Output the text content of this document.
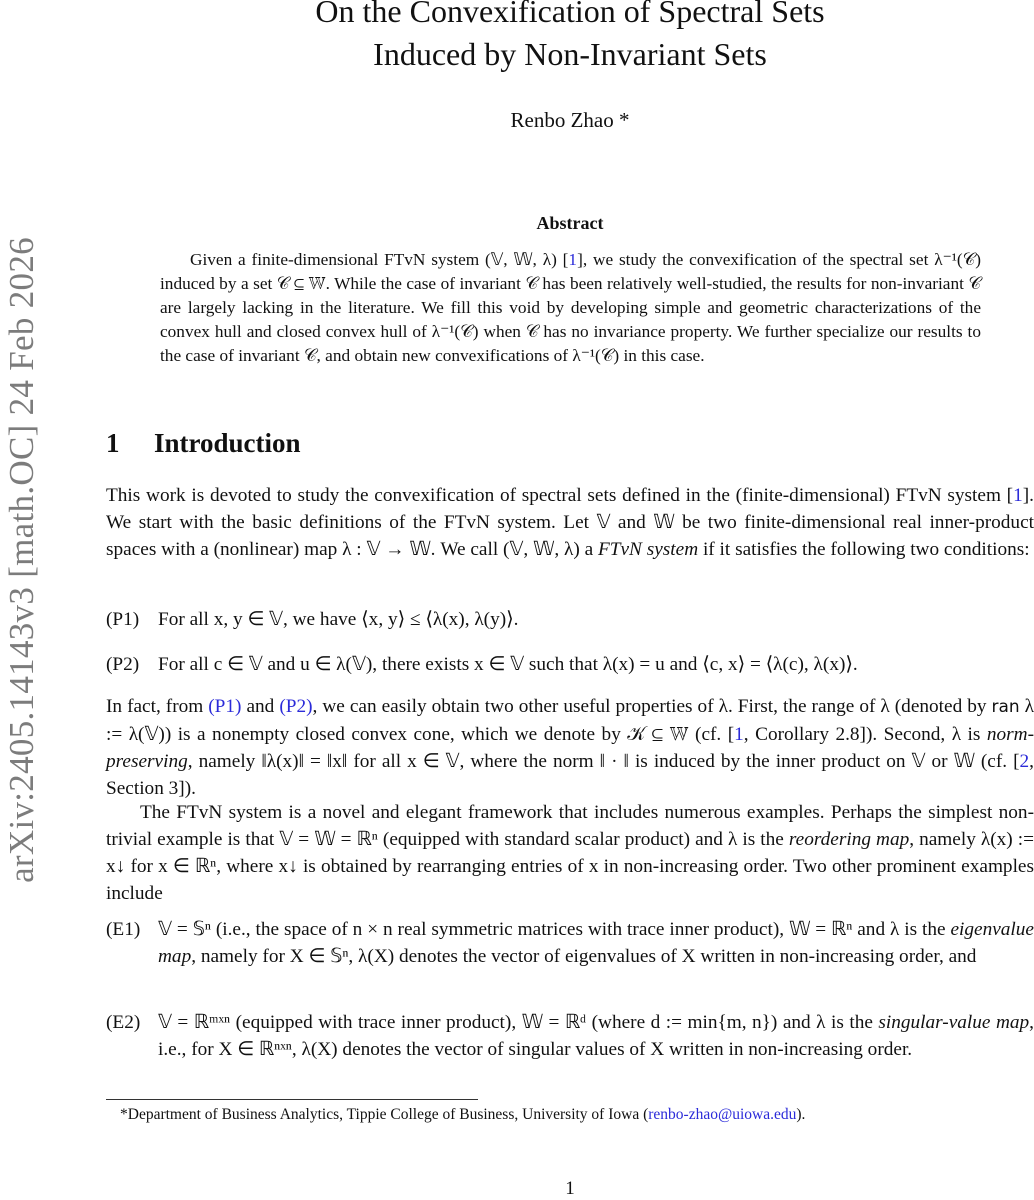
arXiv:2405.14143v3 [math.OC] 24 Feb 2026
On the Convexification of Spectral Sets
Induced by Non-Invariant Sets
Renbo Zhao *
Abstract
Given a finite-dimensional FTvN system (𝕍, 𝕎, λ) [1], we study the convexification of the spectral set λ⁻¹(𝒞) induced by a set 𝒞 ⊆ 𝕎. While the case of invariant 𝒞 has been relatively well-studied, the results for non-invariant 𝒞 are largely lacking in the literature. We fill this void by developing simple and geometric characterizations of the convex hull and closed convex hull of λ⁻¹(𝒞) when 𝒞 has no invariance property. We further specialize our results to the case of invariant 𝒞, and obtain new convexifications of λ⁻¹(𝒞) in this case.
1 Introduction
This work is devoted to study the convexification of spectral sets defined in the (finite-dimensional) FTvN system [1]. We start with the basic definitions of the FTvN system. Let 𝕍 and 𝕎 be two finite-dimensional real inner-product spaces with a (nonlinear) map λ : 𝕍 → 𝕎. We call (𝕍, 𝕎, λ) a FTvN system if it satisfies the following two conditions:
(P1) For all x, y ∈ 𝕍, we have ⟨x, y⟩ ≤ ⟨λ(x), λ(y)⟩.
(P2) For all c ∈ 𝕍 and u ∈ λ(𝕍), there exists x ∈ 𝕍 such that λ(x) = u and ⟨c, x⟩ = ⟨λ(c), λ(x)⟩.
In fact, from (P1) and (P2), we can easily obtain two other useful properties of λ. First, the range of λ (denoted by ran λ := λ(𝕍)) is a nonempty closed convex cone, which we denote by 𝒦 ⊆ 𝕎 (cf. [1, Corollary 2.8]). Second, λ is norm-preserving, namely ‖λ(x)‖ = ‖x‖ for all x ∈ 𝕍, where the norm ‖ · ‖ is induced by the inner product on 𝕍 or 𝕎 (cf. [2, Section 3]).
The FTvN system is a novel and elegant framework that includes numerous examples. Perhaps the simplest non-trivial example is that 𝕍 = 𝕎 = ℝⁿ (equipped with standard scalar product) and λ is the reordering map, namely λ(x) := x↓ for x ∈ ℝⁿ, where x↓ is obtained by rearranging entries of x in non-increasing order. Two other prominent examples include
(E1) 𝕍 = 𝕊ⁿ (i.e., the space of n × n real symmetric matrices with trace inner product), 𝕎 = ℝⁿ and λ is the eigenvalue map, namely for X ∈ 𝕊ⁿ, λ(X) denotes the vector of eigenvalues of X written in non-increasing order, and
(E2) 𝕍 = ℝᵐˣⁿ (equipped with trace inner product), 𝕎 = ℝᵈ (where d := min{m, n}) and λ is the singular-value map, i.e., for X ∈ ℝⁿˣⁿ, λ(X) denotes the vector of singular values of X written in non-increasing order.
*Department of Business Analytics, Tippie College of Business, University of Iowa (renbo-zhao@uiowa.edu).
1
